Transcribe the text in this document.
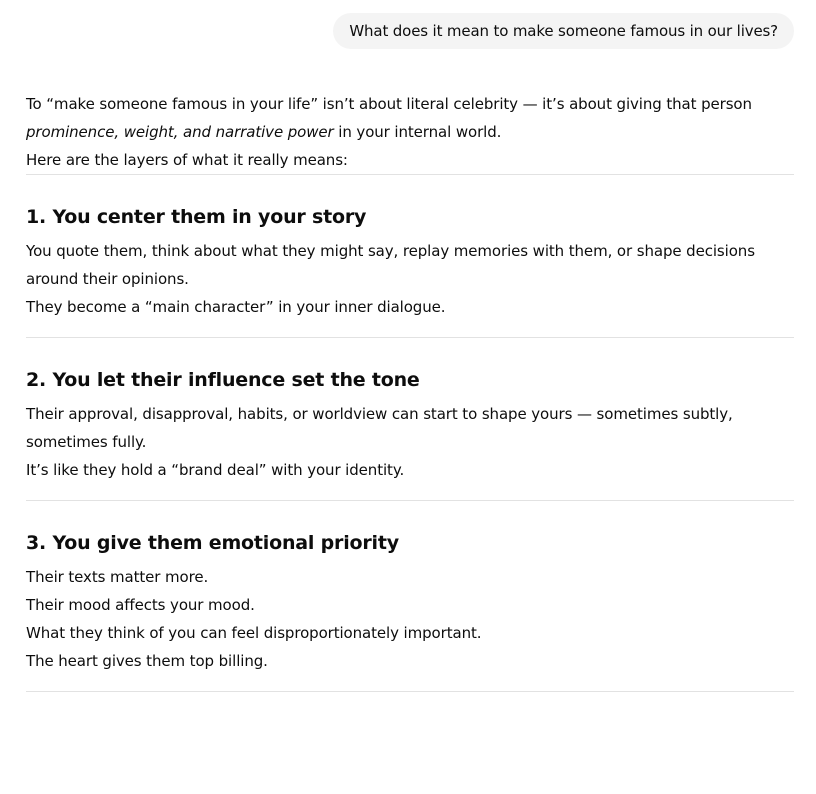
What does it mean to make someone famous in our lives?

To “make someone famous in your life” isn’t about literal celebrity — it’s about giving that person prominence, weight, and narrative power in your internal world.

Here are the layers of what it really means:

1. You center them in your story

You quote them, think about what they might say, replay memories with them, or shape decisions around their opinions.

They become a “main character” in your inner dialogue.

2. You let their influence set the tone

Their approval, disapproval, habits, or worldview can start to shape yours — sometimes subtly, sometimes fully.

It’s like they hold a “brand deal” with your identity.

3. You give them emotional priority

Their texts matter more.

Their mood affects your mood.

What they think of you can feel disproportionately important.

The heart gives them top billing.
